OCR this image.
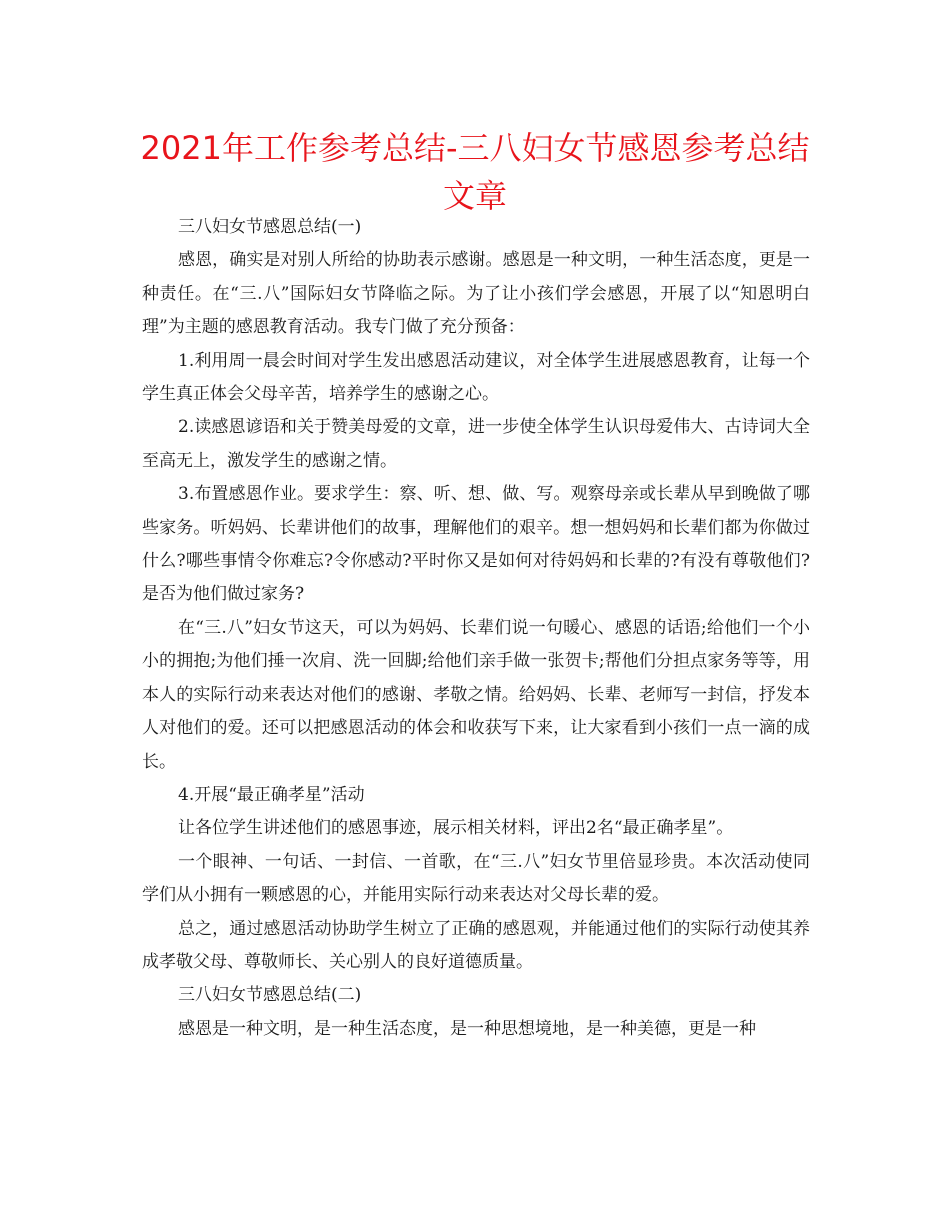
2021年工作参考总结-三八妇女节感恩参考总结
文章

三八妇女节感恩总结(一)

感恩，确实是对别人所给的协助表示感谢。感恩是一种文明，一种生活态度，更是一种责任。在“三.八”国际妇女节降临之际。为了让小孩们学会感恩，开展了以“知恩明白理”为主题的感恩教育活动。我专门做了充分预备：

1.利用周一晨会时间对学生发出感恩活动建议，对全体学生进展感恩教育，让每一个学生真正体会父母辛苦，培养学生的感谢之心。

2.读感恩谚语和关于赞美母爱的文章，进一步使全体学生认识母爱伟大、古诗词大全至高无上，激发学生的感谢之情。

3.布置感恩作业。要求学生：察、听、想、做、写。观察母亲或长辈从早到晚做了哪些家务。听妈妈、长辈讲他们的故事，理解他们的艰辛。想一想妈妈和长辈们都为你做过什么?哪些事情令你难忘?令你感动?平时你又是如何对待妈妈和长辈的?有没有尊敬他们?是否为他们做过家务?

在“三.八”妇女节这天，可以为妈妈、长辈们说一句暖心、感恩的话语;给他们一个小小的拥抱;为他们捶一次肩、洗一回脚;给他们亲手做一张贺卡;帮他们分担点家务等等，用本人的实际行动来表达对他们的感谢、孝敬之情。给妈妈、长辈、老师写一封信，抒发本人对他们的爱。还可以把感恩活动的体会和收获写下来，让大家看到小孩们一点一滴的成长。

4.开展“最正确孝星”活动

让各位学生讲述他们的感恩事迹，展示相关材料，评出2名“最正确孝星”。

一个眼神、一句话、一封信、一首歌，在“三.八”妇女节里倍显珍贵。本次活动使同学们从小拥有一颗感恩的心，并能用实际行动来表达对父母长辈的爱。

总之，通过感恩活动协助学生树立了正确的感恩观，并能通过他们的实际行动使其养成孝敬父母、尊敬师长、关心别人的良好道德质量。

三八妇女节感恩总结(二)

感恩是一种文明，是一种生活态度，是一种思想境地，是一种美德，更是一种
